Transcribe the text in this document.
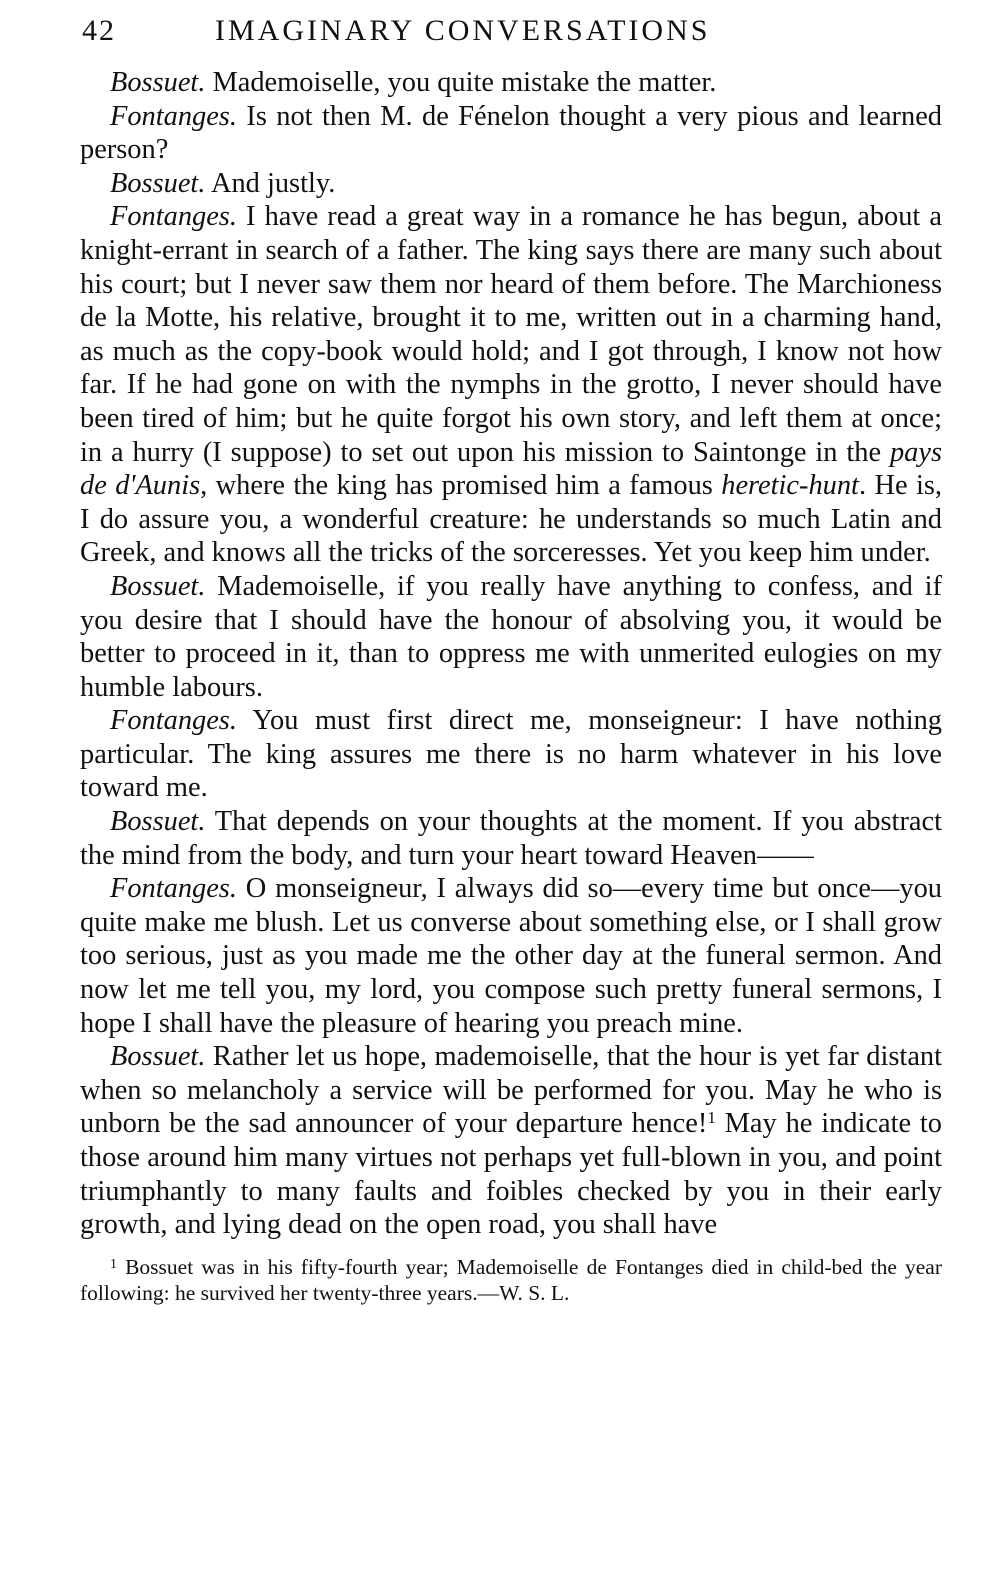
42	IMAGINARY CONVERSATIONS

Bossuet. Mademoiselle, you quite mistake the matter.

Fontanges. Is not then M. de Fénelon thought a very pious and learned person?

Bossuet. And justly.

Fontanges. I have read a great way in a romance he has begun, about a knight-errant in search of a father. The king says there are many such about his court; but I never saw them nor heard of them before. The Marchioness de la Motte, his relative, brought it to me, written out in a charming hand, as much as the copy-book would hold; and I got through, I know not how far. If he had gone on with the nymphs in the grotto, I never should have been tired of him; but he quite forgot his own story, and left them at once; in a hurry (I suppose) to set out upon his mission to Saintonge in the pays de d'Aunis, where the king has promised him a famous heretic-hunt. He is, I do assure you, a wonderful creature: he understands so much Latin and Greek, and knows all the tricks of the sorceresses. Yet you keep him under.

Bossuet. Mademoiselle, if you really have anything to confess, and if you desire that I should have the honour of absolving you, it would be better to proceed in it, than to oppress me with unmerited eulogies on my humble labours.

Fontanges. You must first direct me, monseigneur: I have nothing particular. The king assures me there is no harm whatever in his love toward me.

Bossuet. That depends on your thoughts at the moment. If you abstract the mind from the body, and turn your heart toward Heaven——

Fontanges. O monseigneur, I always did so—every time but once—you quite make me blush. Let us converse about something else, or I shall grow too serious, just as you made me the other day at the funeral sermon. And now let me tell you, my lord, you compose such pretty funeral sermons, I hope I shall have the pleasure of hearing you preach mine.

Bossuet. Rather let us hope, mademoiselle, that the hour is yet far distant when so melancholy a service will be performed for you. May he who is unborn be the sad announcer of your departure hence!$^1$ May he indicate to those around him many virtues not perhaps yet full-blown in you, and point triumphantly to many faults and foibles checked by you in their early growth, and lying dead on the open road, you shall have

$^1$ Bossuet was in his fifty-fourth year; Mademoiselle de Fontanges died in child-bed the year following: he survived her twenty-three years.—W. S. L.
